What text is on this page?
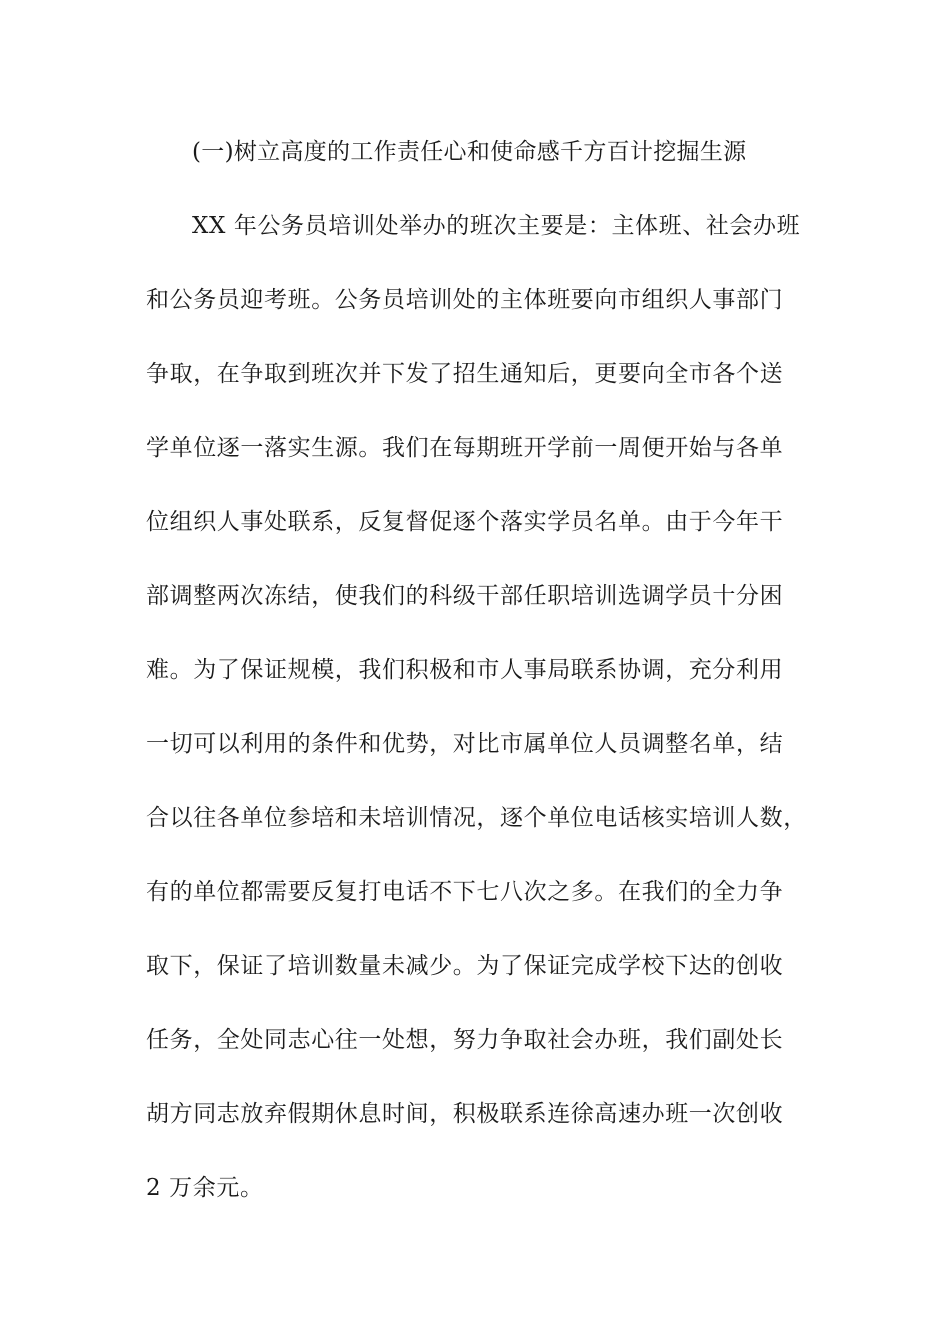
(一)树立高度的工作责任心和使命感千方百计挖掘生源
XX 年公务员培训处举办的班次主要是：主体班、社会办班
和公务员迎考班。公务员培训处的主体班要向市组织人事部门
争取，在争取到班次并下发了招生通知后，更要向全市各个送
学单位逐一落实生源。我们在每期班开学前一周便开始与各单
位组织人事处联系，反复督促逐个落实学员名单。由于今年干
部调整两次冻结，使我们的科级干部任职培训选调学员十分困
难。为了保证规模，我们积极和市人事局联系协调，充分利用
一切可以利用的条件和优势，对比市属单位人员调整名单，结
合以往各单位参培和未培训情况，逐个单位电话核实培训人数，
有的单位都需要反复打电话不下七八次之多。在我们的全力争
取下，保证了培训数量未减少。为了保证完成学校下达的创收
任务，全处同志心往一处想，努力争取社会办班，我们副处长
胡方同志放弃假期休息时间，积极联系连徐高速办班一次创收
2 万余元。
